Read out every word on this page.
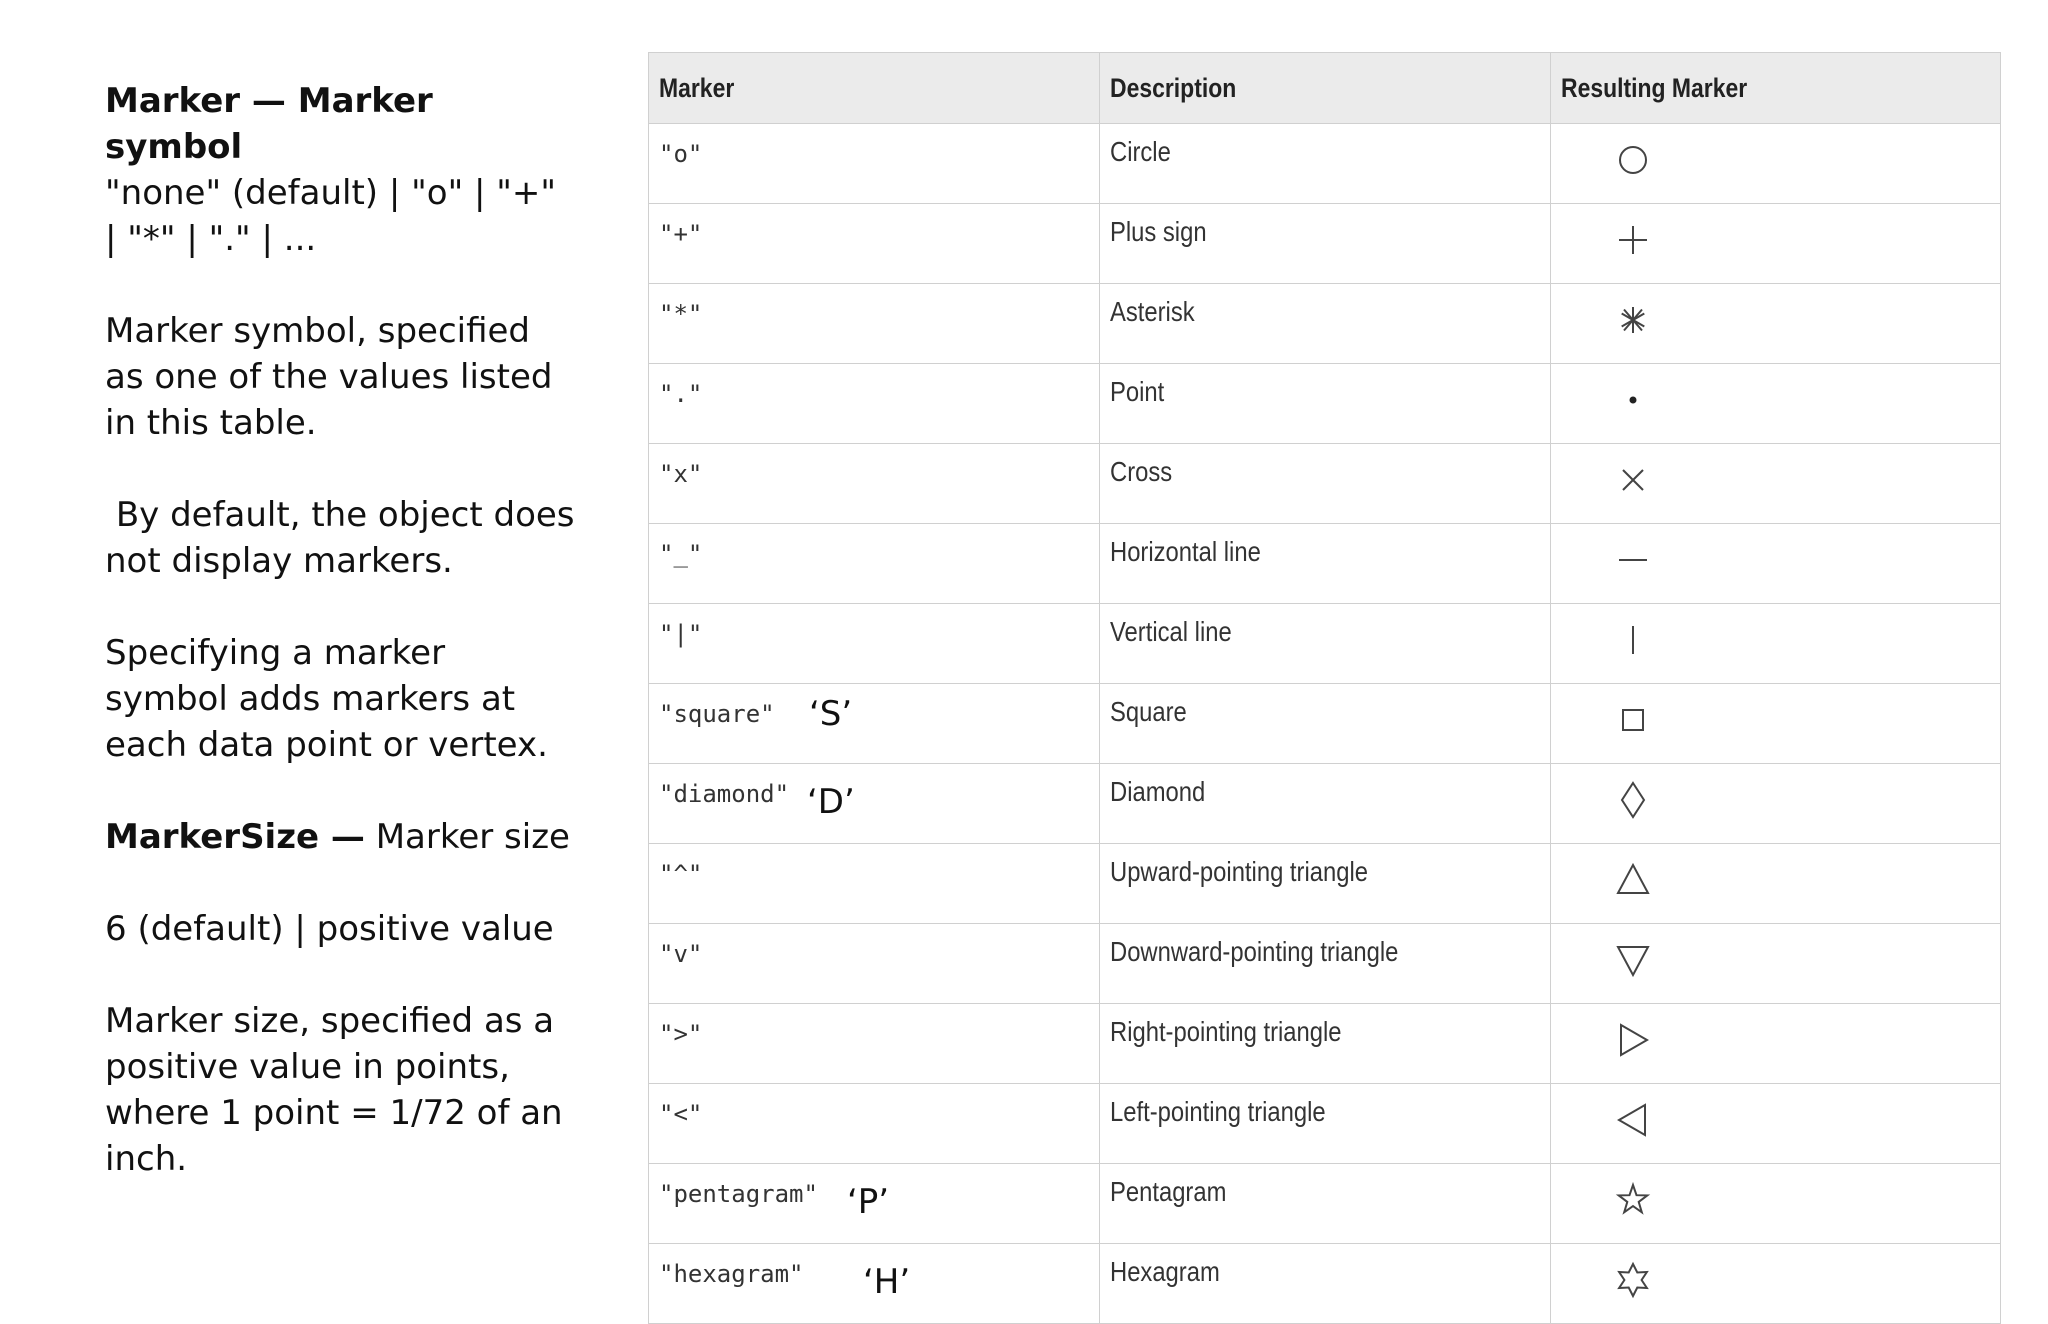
Marker — Marker symbol
"none" (default) | "o" | "+" | "*" | "." | ...

Marker symbol, specified as one of the values listed in this table.

By default, the object does not display markers.

Specifying a marker symbol adds markers at each data point or vertex.

MarkerSize — Marker size

6 (default) | positive value

Marker size, specified as a positive value in points, where 1 point = 1/72 of an inch.

Marker	Description	Resulting Marker
"o"	Circle	

"+"	Plus sign	

"*"	Asterisk	

"."	Point	

"x"	Cross	

"_"	Horizontal line	

"|"	Vertical line	

"square" ‘S’	Square	

"diamond" ‘D’	Diamond	

"^"	Upward-pointing triangle	

"v"	Downward-pointing triangle	

">"	Right-pointing triangle	

"<"	Left-pointing triangle	

"pentagram" ‘P’	Pentagram	

"hexagram" ‘H’	Hexagram	
